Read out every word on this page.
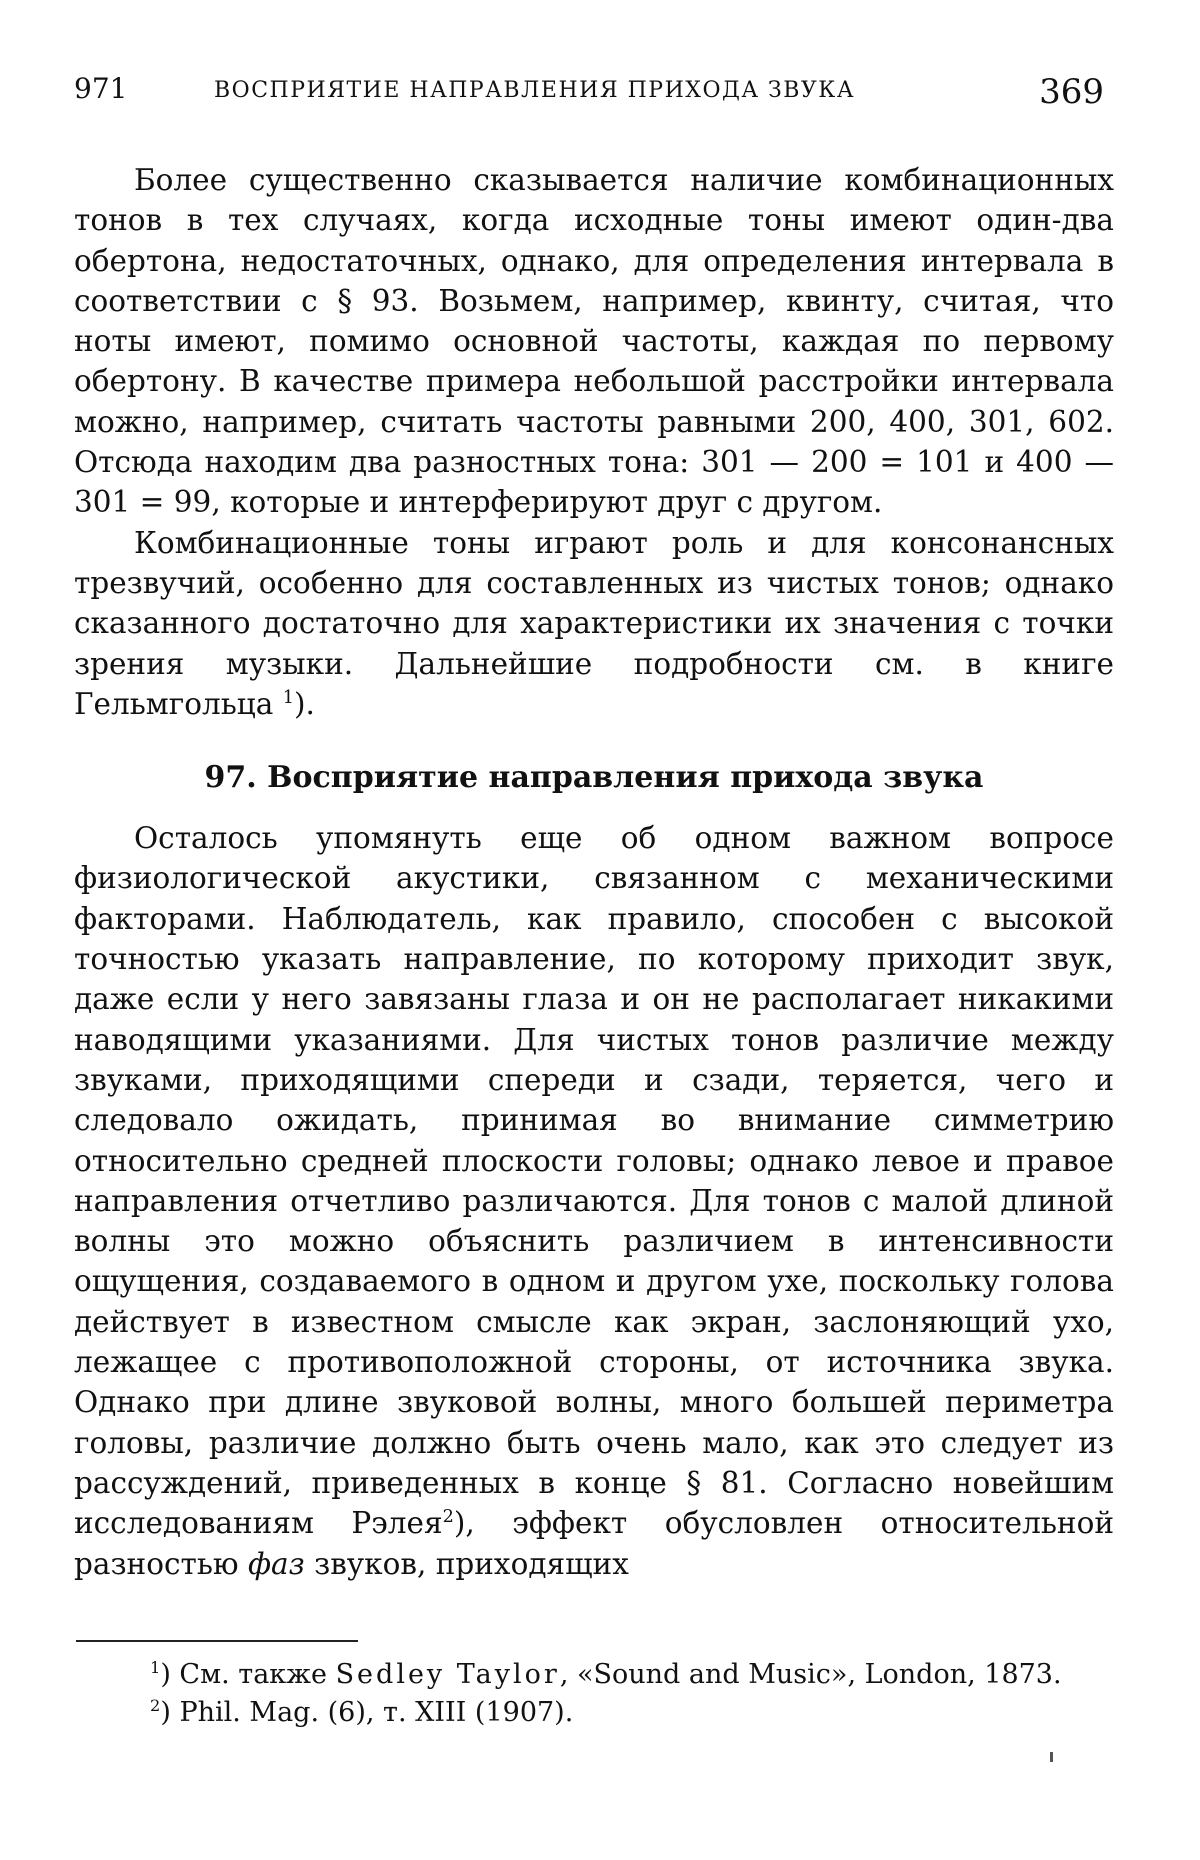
971	ВОСПРИЯТИЕ НАПРАВЛЕНИЯ ПРИХОДА ЗВУКА	369

Более существенно сказывается наличие комбинационных тонов в тех случаях, когда исходные тоны имеют один-два обертона, недостаточных, однако, для определения интервала в соответствии с § 93. Возьмем, например, квинту, считая, что ноты имеют, помимо основной частоты, каждая по первому обертону. В качестве примера небольшой расстройки интервала можно, например, считать частоты равными 200, 400, 301, 602. Отсюда находим два разностных тона: 301 — 200 = 101 и 400 — 301 = 99, которые и интерферируют друг с другом.

Комбинационные тоны играют роль и для консонансных трезвучий, особенно для составленных из чистых тонов; однако сказанного достаточно для характеристики их значения с точки зрения музыки. Дальнейшие подробности см. в книге Гельмгольца $^1$).

97. Восприятие направления прихода звука

Осталось упомянуть еще об одном важном вопросе физиологической акустики, связанном с механическими факторами. Наблюдатель, как правило, способен с высокой точностью указать направление, по которому приходит звук, даже если у него завязаны глаза и он не располагает никакими наводящими указаниями. Для чистых тонов различие между звуками, приходящими спереди и сзади, теряется, чего и следовало ожидать, принимая во внимание симметрию относительно средней плоскости головы; однако левое и правое направления отчетливо различаются. Для тонов с малой длиной волны это можно объяснить различием в интенсивности ощущения, создаваемого в одном и другом ухе, поскольку голова действует в известном смысле как экран, заслоняющий ухо, лежащее с противоположной стороны, от источника звука. Однако при длине звуковой волны, много большей периметра головы, различие должно быть очень мало, как это следует из рассуждений, приведенных в конце § 81. Согласно новейшим исследованиям Рэлея$^2$), эффект обусловлен относительной разностью фаз звуков, приходящих

$^1$) См. также Sedley Taylor, «Sound and Music», London, 1873.

$^2$) Phil. Mag. (6), т. XIII (1907).
